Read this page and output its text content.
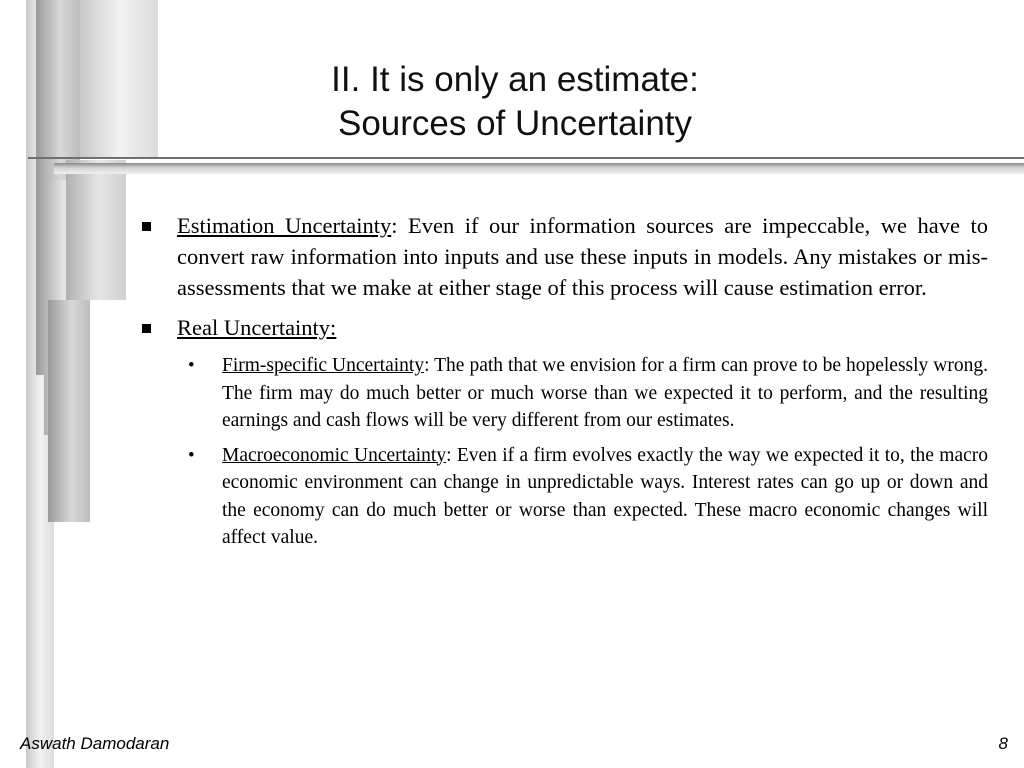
II. It is only an estimate:
Sources of Uncertainty
Estimation Uncertainty: Even if our information sources are impeccable, we have to convert raw information into inputs and use these inputs in models. Any mistakes or mis-assessments that we make at either stage of this process will cause estimation error.
Real Uncertainty:
• Firm-specific Uncertainty: The path that we envision for a firm can prove to be hopelessly wrong. The firm may do much better or much worse than we expected it to perform, and the resulting earnings and cash flows will be very different from our estimates.
• Macroeconomic Uncertainty: Even if a firm evolves exactly the way we expected it to, the macro economic environment can change in unpredictable ways. Interest rates can go up or down and the economy can do much better or worse than expected. These macro economic changes will affect value.
Aswath Damodaran	8
